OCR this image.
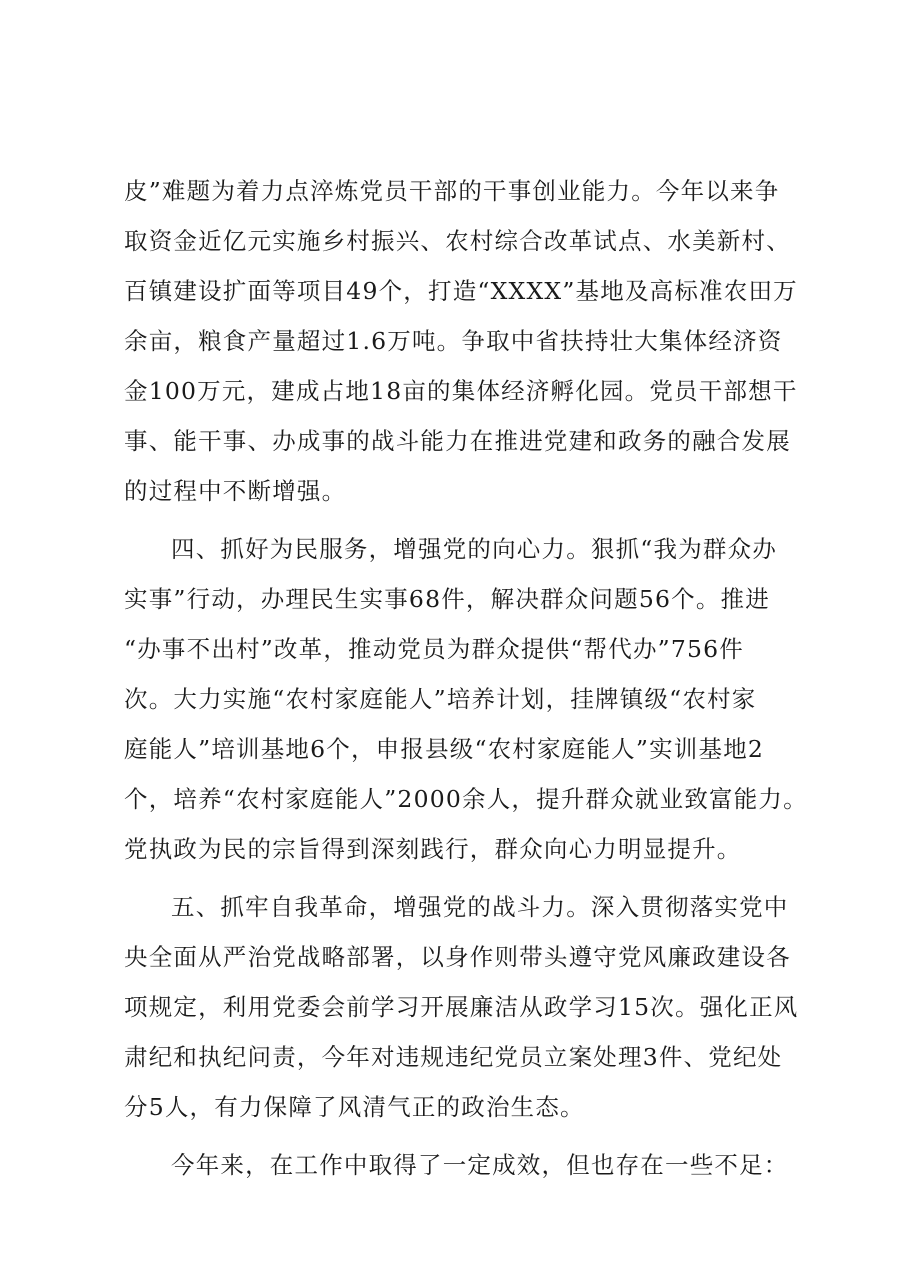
皮”难题为着力点淬炼党员干部的干事创业能力。今年以来争
取资金近亿元实施乡村振兴、农村综合改革试点、水美新村、
百镇建设扩面等项目49个，打造“XXXX”基地及高标准农田万
余亩，粮食产量超过1.6万吨。争取中省扶持壮大集体经济资
金100万元，建成占地18亩的集体经济孵化园。党员干部想干
事、能干事、办成事的战斗能力在推进党建和政务的融合发展
的过程中不断增强。
四、抓好为民服务，增强党的向心力。狠抓“我为群众办
实事”行动，办理民生实事68件，解决群众问题56个。推进
“办事不出村”改革，推动党员为群众提供“帮代办”756件
次。大力实施“农村家庭能人”培养计划，挂牌镇级“农村家
庭能人”培训基地6个，申报县级“农村家庭能人”实训基地2
个，培养“农村家庭能人”2000余人，提升群众就业致富能力。
党执政为民的宗旨得到深刻践行，群众向心力明显提升。
五、抓牢自我革命，增强党的战斗力。深入贯彻落实党中
央全面从严治党战略部署，以身作则带头遵守党风廉政建设各
项规定，利用党委会前学习开展廉洁从政学习15次。强化正风
肃纪和执纪问责，今年对违规违纪党员立案处理3件、党纪处
分5人，有力保障了风清气正的政治生态。
今年来，在工作中取得了一定成效，但也存在一些不足：
